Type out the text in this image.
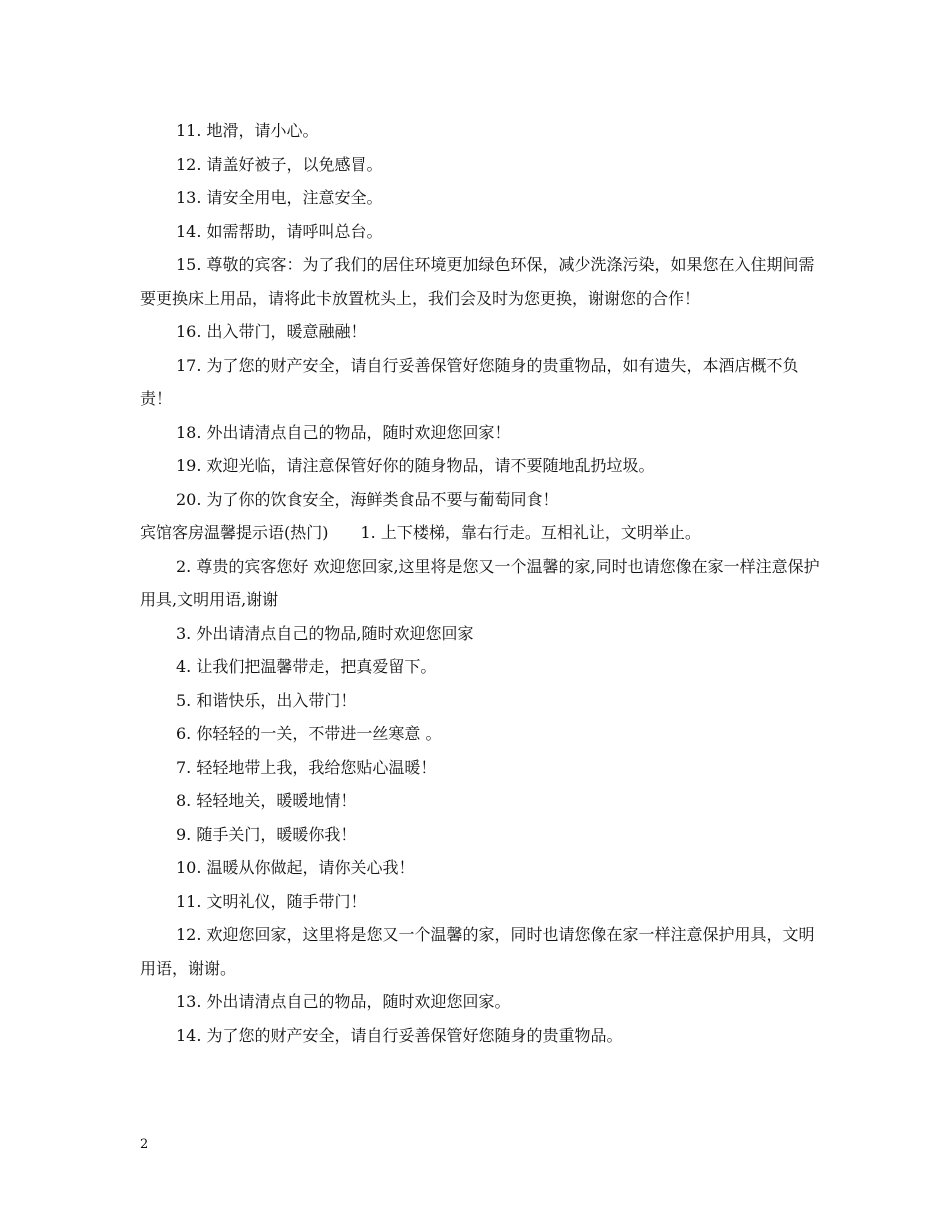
11. 地滑，请小心。

12. 请盖好被子，以免感冒。

13. 请安全用电，注意安全。

14. 如需帮助，请呼叫总台。

15. 尊敬的宾客：为了我们的居住环境更加绿色环保，减少洗涤污染，如果您在入住期间需要更换床上用品，请将此卡放置枕头上，我们会及时为您更换，谢谢您的合作！

16. 出入带门，暖意融融！

17. 为了您的财产安全，请自行妥善保管好您随身的贵重物品，如有遗失，本酒店概不负责！

18. 外出请清点自己的物品，随时欢迎您回家！

19. 欢迎光临，请注意保管好你的随身物品，请不要随地乱扔垃圾。

20. 为了你的饮食安全，海鲜类食品不要与葡萄同食！

宾馆客房温馨提示语(热门)　　1. 上下楼梯，靠右行走。互相礼让，文明举止。

2. 尊贵的宾客您好 欢迎您回家,这里将是您又一个温馨的家,同时也请您像在家一样注意保护用具,文明用语,谢谢

3. 外出请清点自己的物品,随时欢迎您回家

4. 让我们把温馨带走，把真爱留下。

5. 和谐快乐，出入带门！

6. 你轻轻的一关，不带进一丝寒意 。

7. 轻轻地带上我，我给您贴心温暖！

8. 轻轻地关，暖暖地情！

9. 随手关门，暖暖你我！

10. 温暖从你做起，请你关心我！

11. 文明礼仪，随手带门！

12. 欢迎您回家，这里将是您又一个温馨的家，同时也请您像在家一样注意保护用具，文明用语，谢谢。

13. 外出请清点自己的物品，随时欢迎您回家。

14. 为了您的财产安全，请自行妥善保管好您随身的贵重物品。

2
